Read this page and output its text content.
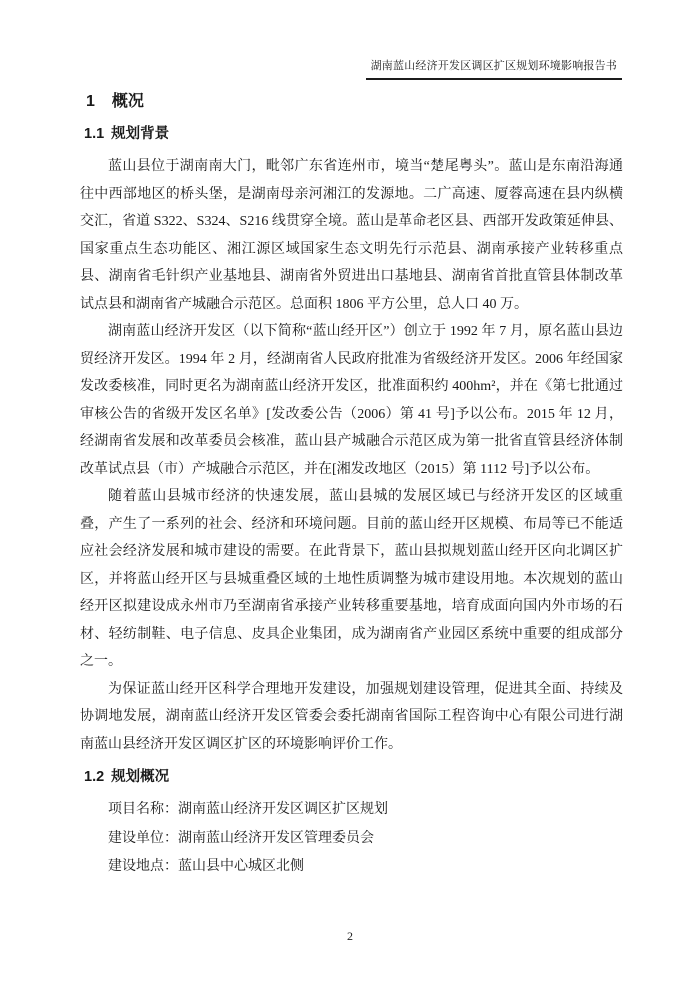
湖南蓝山经济开发区调区扩区规划环境影响报告书
1 概况
1.1 规划背景

蓝山县位于湖南南大门，毗邻广东省连州市，境当“楚尾粤头”。蓝山是东南沿海通往中西部地区的桥头堡，是湖南母亲河湘江的发源地。二广高速、厦蓉高速在县内纵横交汇，省道 S322、S324、S216 线贯穿全境。蓝山是革命老区县、西部开发政策延伸县、国家重点生态功能区、湘江源区域国家生态文明先行示范县、湖南承接产业转移重点县、湖南省毛针织产业基地县、湖南省外贸进出口基地县、湖南省首批直管县体制改革试点县和湖南省产城融合示范区。总面积 1806 平方公里，总人口 40 万。

湖南蓝山经济开发区（以下简称“蓝山经开区”）创立于 1992 年 7 月，原名蓝山县边贸经济开发区。1994 年 2 月，经湖南省人民政府批准为省级经济开发区。2006 年经国家发改委核准，同时更名为湖南蓝山经济开发区，批准面积约 400hm²，并在《第七批通过审核公告的省级开发区名单》[发改委公告（2006）第 41 号]予以公布。2015 年 12 月，经湖南省发展和改革委员会核准，蓝山县产城融合示范区成为第一批省直管县经济体制改革试点县（市）产城融合示范区，并在[湘发改地区（2015）第 1112 号]予以公布。

随着蓝山县城市经济的快速发展，蓝山县城的发展区域已与经济开发区的区域重叠，产生了一系列的社会、经济和环境问题。目前的蓝山经开区规模、布局等已不能适应社会经济发展和城市建设的需要。在此背景下，蓝山县拟规划蓝山经开区向北调区扩区，并将蓝山经开区与县城重叠区域的土地性质调整为城市建设用地。本次规划的蓝山经开区拟建设成永州市乃至湖南省承接产业转移重要基地，培育成面向国内外市场的石材、轻纺制鞋、电子信息、皮具企业集团，成为湖南省产业园区系统中重要的组成部分之一。

为保证蓝山经开区科学合理地开发建设，加强规划建设管理，促进其全面、持续及协调地发展，湖南蓝山经济开发区管委会委托湖南省国际工程咨询中心有限公司进行湖南蓝山县经济开发区调区扩区的环境影响评价工作。

1.2 规划概况

项目名称：湖南蓝山经济开发区调区扩区规划

建设单位：湖南蓝山经济开发区管理委员会

建设地点：蓝山县中心城区北侧

2
